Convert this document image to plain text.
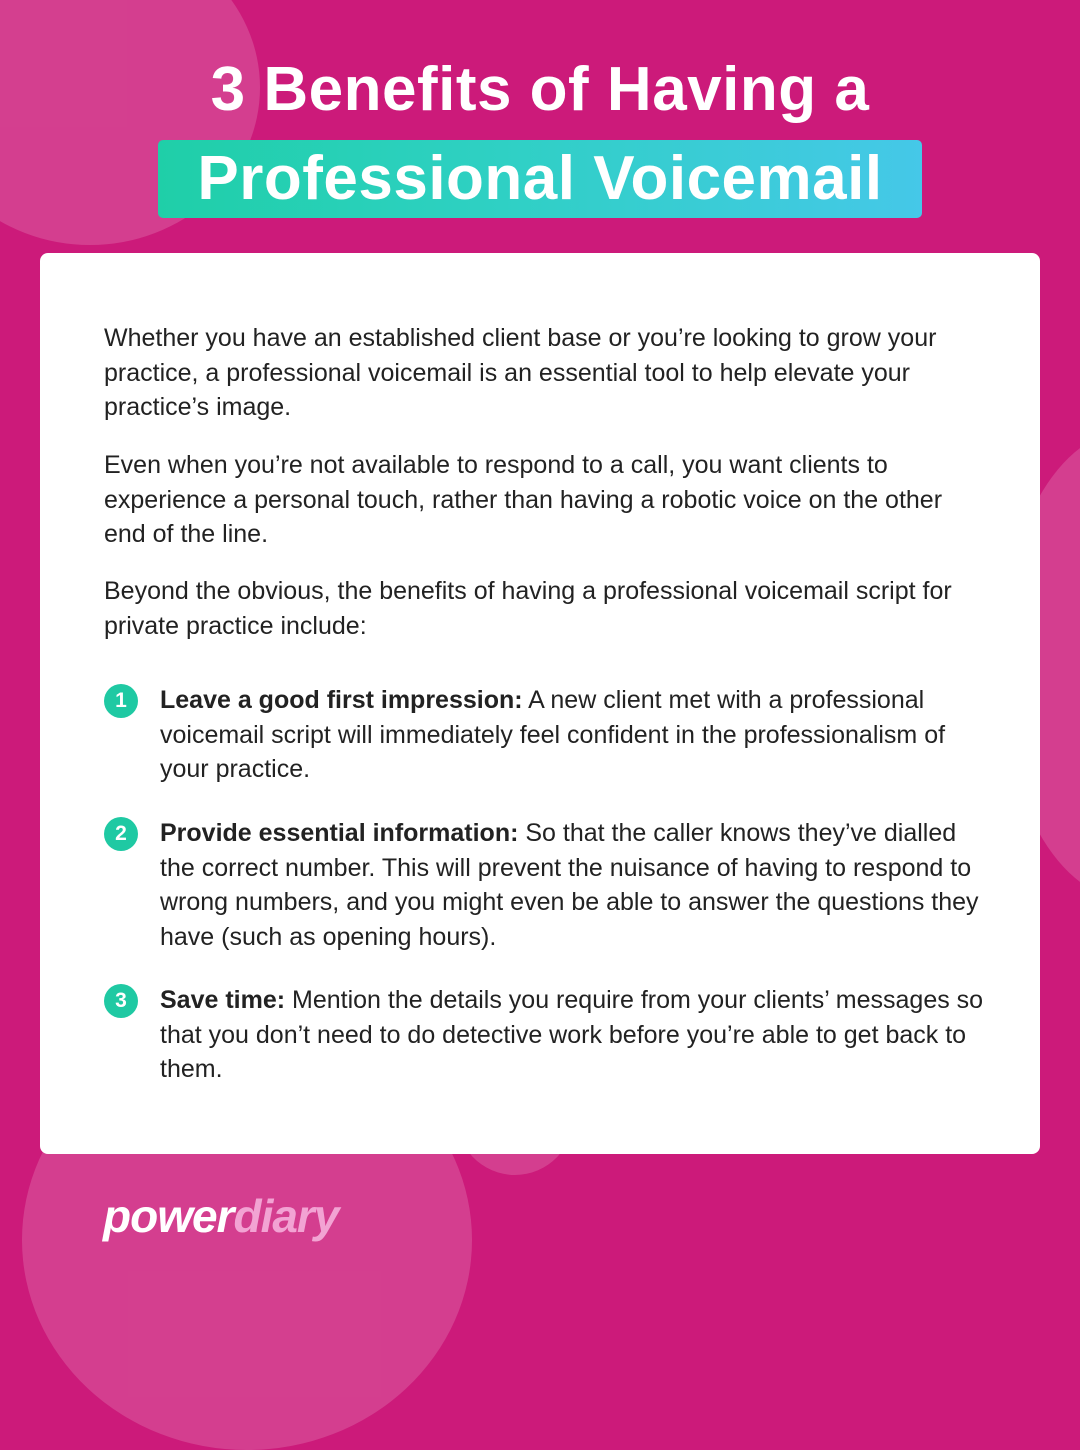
3 Benefits of Having a
Professional Voicemail
Whether you have an established client base or you’re looking to grow your practice, a professional voicemail is an essential tool to help elevate your practice’s image.
Even when you’re not available to respond to a call, you want clients to experience a personal touch, rather than having a robotic voice on the other end of the line.
Beyond the obvious, the benefits of having a professional voicemail script for private practice include:
1	Leave a good first impression: A new client met with a professional voicemail script will immediately feel confident in the professionalism of your practice.
2	Provide essential information: So that the caller knows they’ve dialled the correct number. This will prevent the nuisance of having to respond to wrong numbers, and you might even be able to answer the questions they have (such as opening hours).
3	Save time: Mention the details you require from your clients’ messages so that you don’t need to do detective work before you’re able to get back to them.
powerdiary
